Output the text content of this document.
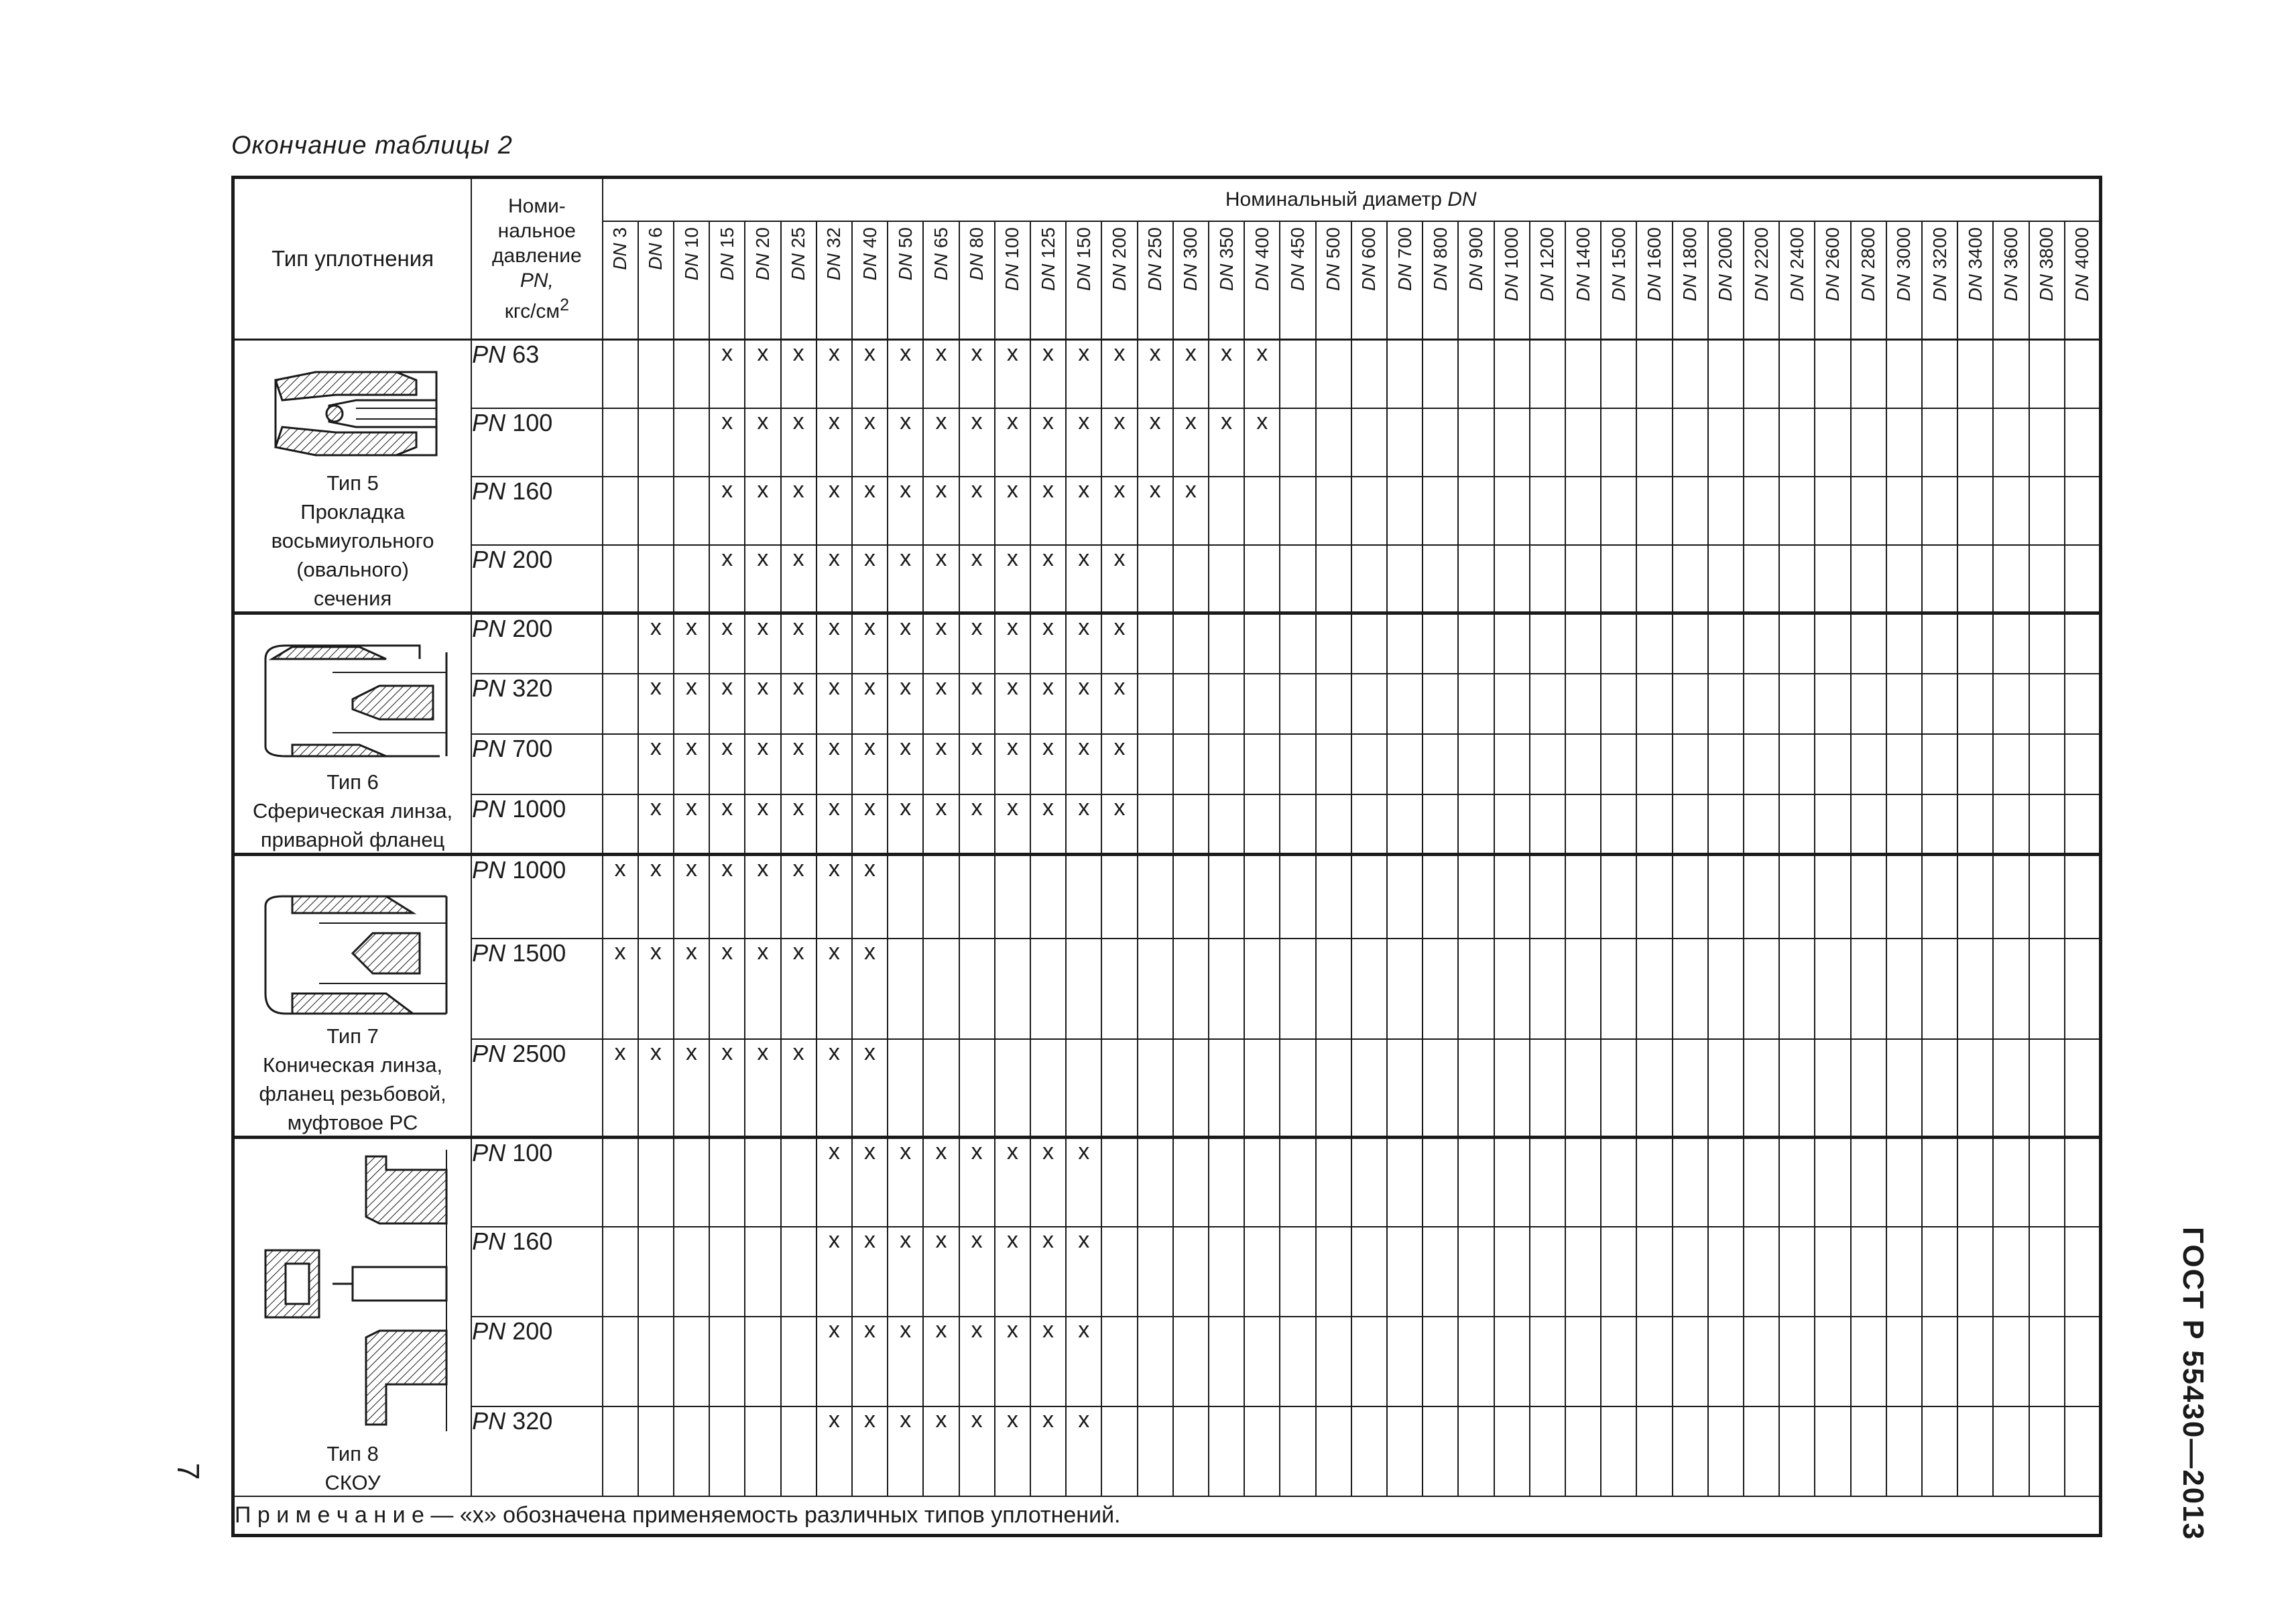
Окончание таблицы 2
Тип уплотнения	Номи-
нальное
давление
PN,
кгс/$см^2$	Номинальный диаметр DN																																									

		DN 3	DN 6	DN 10	DN 15	DN 20	DN 25	DN 32	DN 40	DN 50	DN 65	DN 80	DN 100	DN 125	DN 150	DN 200	DN 250	DN 300	DN 350	DN 400	DN 450	DN 500	DN 600	DN 700	DN 800	DN 900	DN 1000	DN 1200	DN 1400	DN 1500	DN 1600	DN 1800	DN 2000	DN 2200	DN 2400	DN 2600	DN 2800	DN 3000	DN 3200	DN 3400	DN 3600	DN 3800	DN 4000

Тип 5
Прокладка
восьмиугольного
(овального)
сечения	PN 63				x	x	x	x	x	x	x	x	x	x	x	x	x	x	x	x																							
	PN 100				x	x	x	x	x	x	x	x	x	x	x	x	x	x	x	x																							
	PN 160				x	x	x	x	x	x	x	x	x	x	x	x	x	x																									
	PN 200				x	x	x	x	x	x	x	x	x	x	x	x																											

Тип 6
Сферическая линза,
приварной фланец	PN 200		x	x	x	x	x	x	x	x	x	x	x	x	x	x																											
	PN 320		x	x	x	x	x	x	x	x	x	x	x	x	x	x																											
	PN 700		x	x	x	x	x	x	x	x	x	x	x	x	x	x																											
	PN 1000		x	x	x	x	x	x	x	x	x	x	x	x	x	x																											

Тип 7
Коническая линза,
фланец резьбовой,
муфтовое РС	PN 1000	x	x	x	x	x	x	x	x																																		
	PN 1500	x	x	x	x	x	x	x	x																																		
	PN 2500	x	x	x	x	x	x	x	x																																		

Тип 8
СКОУ	PN 100							x	x	x	x	x	x	x	x																												
	PN 160							x	x	x	x	x	x	x	x																												
	PN 200							x	x	x	x	x	x	x	x																												
	PN 320							x	x	x	x	x	x	x	x																												
П р и м е ч а н и е — «х» обозначена применяемость различных типов уплотнений.																																												ГОСТ Р 55430—2013
7
